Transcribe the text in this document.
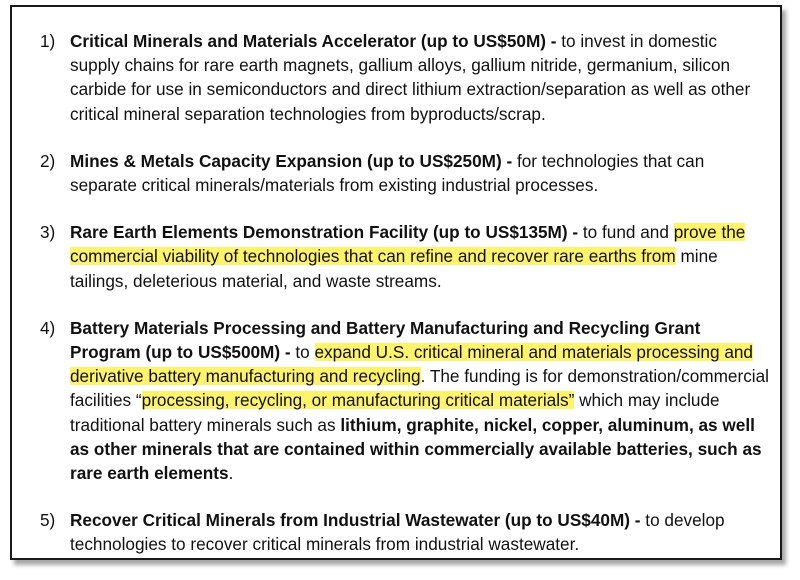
1) Critical Minerals and Materials Accelerator (up to US$50M) - to invest in domestic supply chains for rare earth magnets, gallium alloys, gallium nitride, germanium, silicon carbide for use in semiconductors and direct lithium extraction/separation as well as other critical mineral separation technologies from byproducts/scrap.
2) Mines & Metals Capacity Expansion (up to US$250M) - for technologies that can separate critical minerals/materials from existing industrial processes.
3) Rare Earth Elements Demonstration Facility (up to US$135M) - to fund and prove the commercial viability of technologies that can refine and recover rare earths from mine tailings, deleterious material, and waste streams.
4) Battery Materials Processing and Battery Manufacturing and Recycling Grant Program (up to US$500M) - to expand U.S. critical mineral and materials processing and derivative battery manufacturing and recycling. The funding is for demonstration/commercial facilities “processing, recycling, or manufacturing critical materials” which may include traditional battery minerals such as lithium, graphite, nickel, copper, aluminum, as well as other minerals that are contained within commercially available batteries, such as rare earth elements.
5) Recover Critical Minerals from Industrial Wastewater (up to US$40M) - to develop technologies to recover critical minerals from industrial wastewater.
